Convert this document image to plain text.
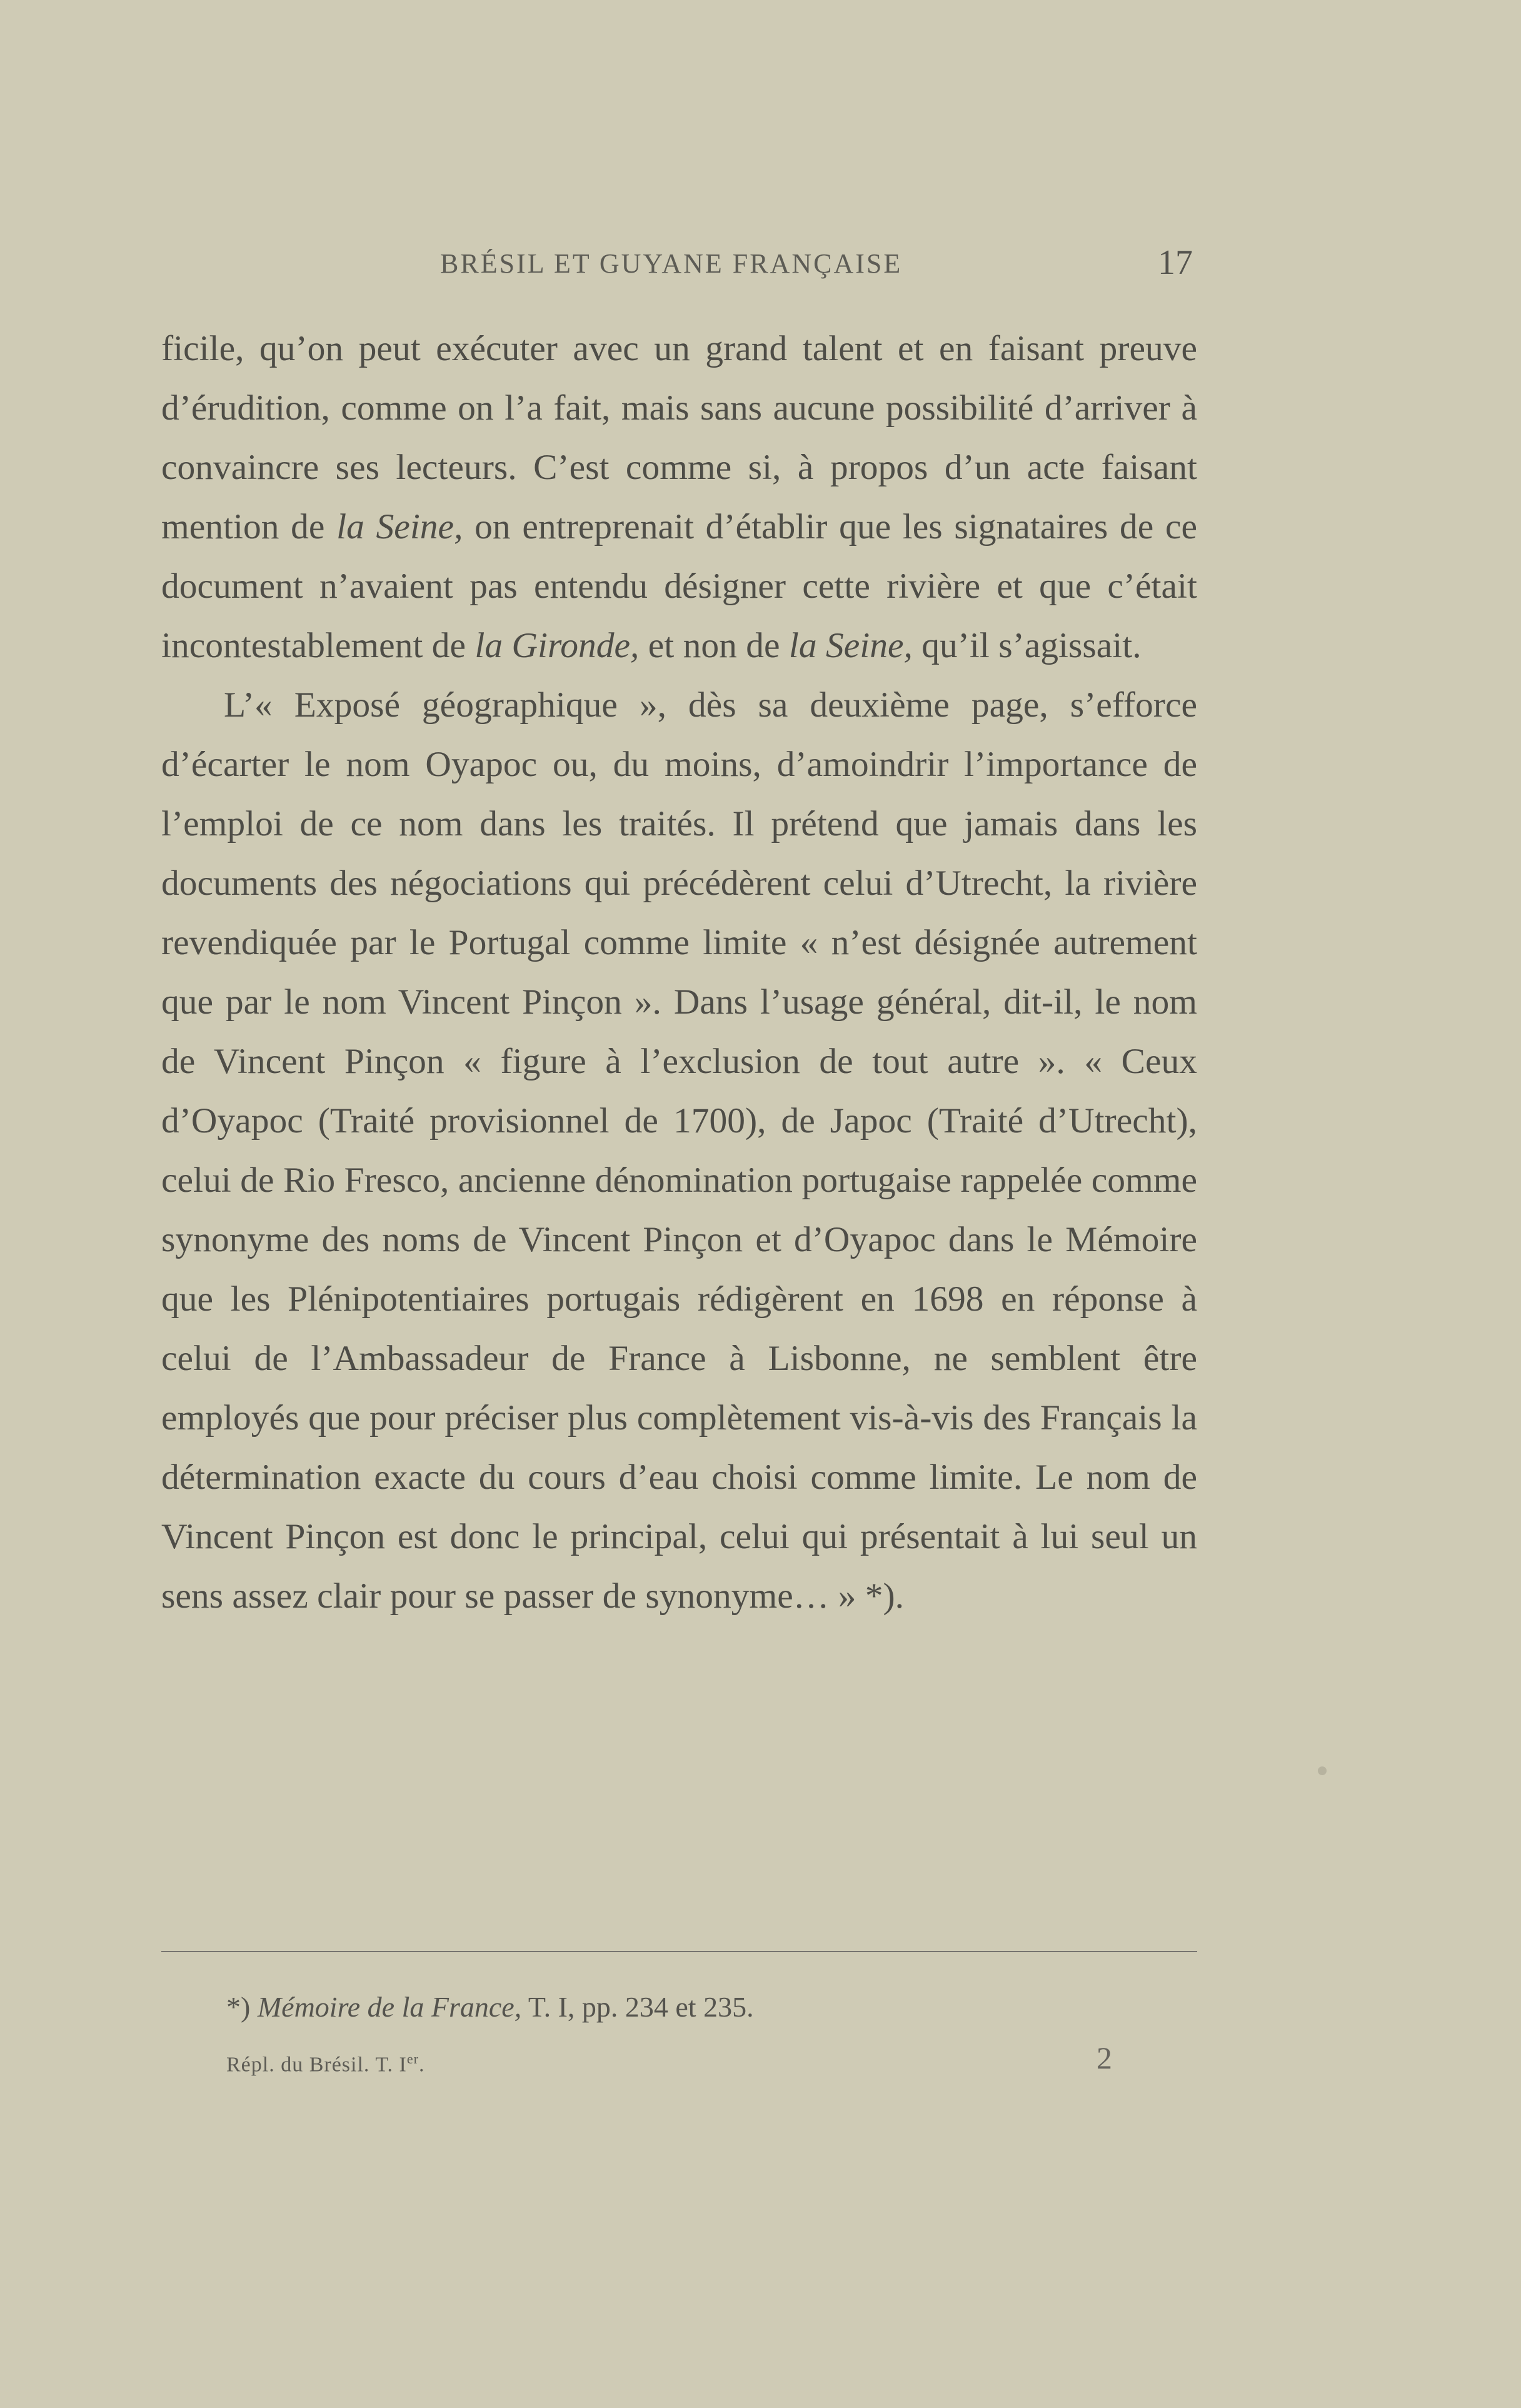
BRÉSIL ET GUYANE FRANÇAISE	17

ficile, qu’on peut exécuter avec un grand talent et en faisant preuve d’érudition, comme on l’a fait, mais sans aucune possibilité d’arriver à convaincre ses lecteurs. C’est comme si, à propos d’un acte faisant mention de la Seine, on entreprenait d’établir que les signataires de ce document n’avaient pas entendu désigner cette rivière et que c’était incontestablement de la Gironde, et non de la Seine, qu’il s’agissait.

L’« Exposé géographique », dès sa deuxième page, s’efforce d’écarter le nom Oyapoc ou, du moins, d’amoindrir l’importance de l’emploi de ce nom dans les traités. Il prétend que jamais dans les documents des négociations qui précédèrent celui d’Utrecht, la rivière revendiquée par le Portugal comme limite « n’est désignée autrement que par le nom Vincent Pinçon ». Dans l’usage général, dit-il, le nom de Vincent Pinçon « figure à l’exclusion de tout autre ». « Ceux d’Oyapoc (Traité provisionnel de 1700), de Japoc (Traité d’Utrecht), celui de Rio Fresco, ancienne dénomination portugaise rappelée comme synonyme des noms de Vincent Pinçon et d’Oyapoc dans le Mémoire que les Plénipotentiaires portugais rédigèrent en 1698 en réponse à celui de l’Ambassadeur de France à Lisbonne, ne semblent être employés que pour préciser plus complètement vis-à-vis des Français la détermination exacte du cours d’eau choisi comme limite. Le nom de Vincent Pinçon est donc le principal, celui qui présentait à lui seul un sens assez clair pour se passer de synonyme… » *).

*) Mémoire de la France, T. I, pp. 234 et 235.
Répl. du Brésil. T. Ier.	2
